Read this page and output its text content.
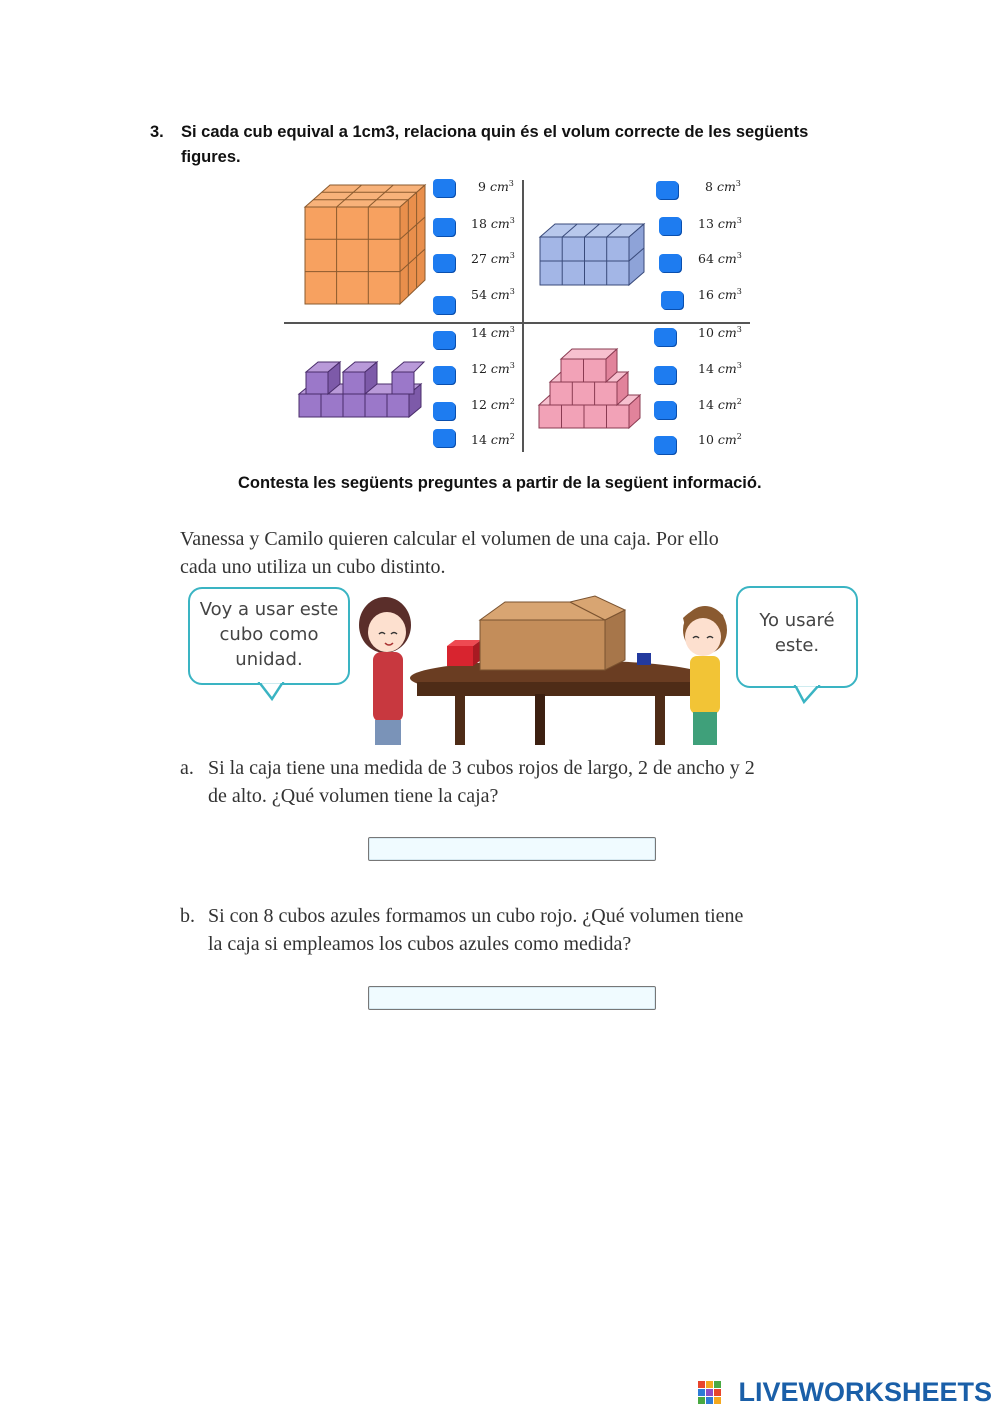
3. Si cada cub equival a 1cm3, relaciona quin és el volum correcte de les següents figures.
9 $cm^3$
18 $cm^3$
27 $cm^3$
54 $cm^3$
8 $cm^3$
13 $cm^3$
64 $cm^3$
16 $cm^3$
14 $cm^3$
12 $cm^3$
12 $cm^2$
14 $cm^2$
10 $cm^3$
14 $cm^3$
14 $cm^2$
10 $cm^2$
Contesta les següents preguntes a partir de la següent informació.
Vanessa y Camilo quieren calcular el volumen de una caja. Por ello
cada uno utiliza un cubo distinto.
Voy a usar este
cubo como
unidad.
Yo usaré
este.
a. Si la caja tiene una medida de 3 cubos rojos de largo, 2 de ancho y 2
de alto. ¿Qué volumen tiene la caja?
b. Si con 8 cubos azules formamos un cubo rojo. ¿Qué volumen tiene
la caja si empleamos los cubos azules como medida?
LIVEWORKSHEETS
